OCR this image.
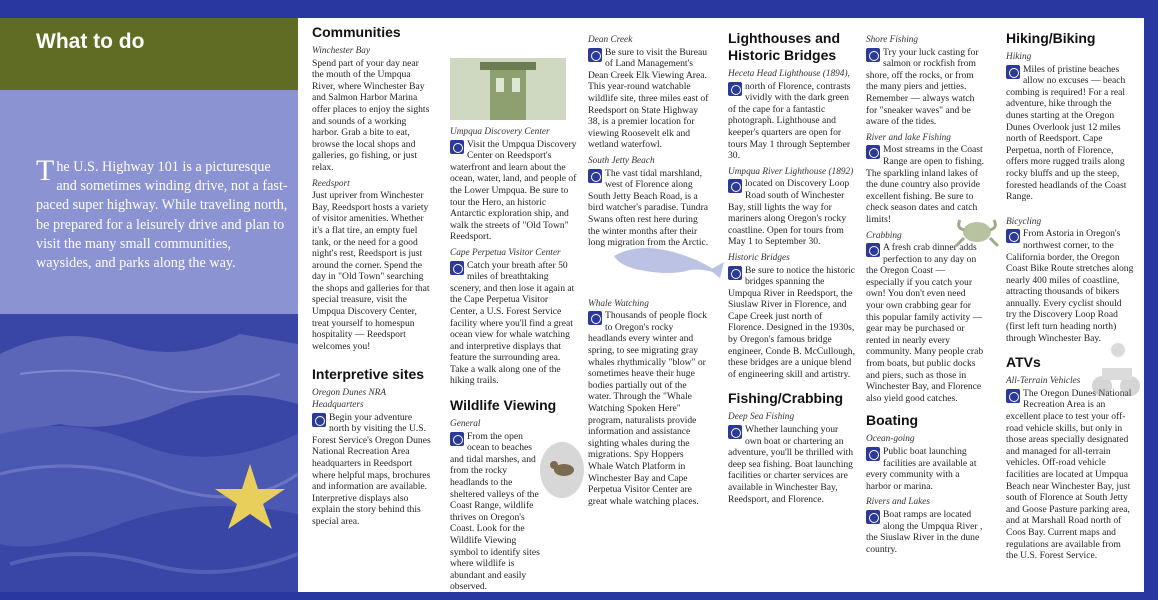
What to do
The U.S. Highway 101 is a picturesque and sometimes winding drive, not a fast-paced super highway. While traveling north, be prepared for a leisurely drive and plan to visit the many small communities, waysides, and parks along the way.
Communities
Winchester Bay
Spend part of your day near the mouth of the Umpqua River, where Winchester Bay and Salmon Harbor Marina offer places to enjoy the sights and sounds of a working harbor. Grab a bite to eat, browse the local shops and galleries, go fishing, or just relax.
Reedsport
Just upriver from Winchester Bay, Reedsport hosts a variety of visitor amenities. Whether it's a flat tire, an empty fuel tank, or the need for a good night's rest, Reedsport is just around the corner. Spend the day in "Old Town" searching the shops and galleries for that special treasure, visit the Umpqua Discovery Center, treat yourself to homespun hospitality — Reedsport welcomes you!
Interpretive sites
Oregon Dunes NRA Headquarters
Begin your adventure north by visiting the U.S. Forest Service's Oregon Dunes National Recreation Area headquarters in Reedsport where helpful maps, brochures and information are available. Interpretive displays also explain the story behind this special area.
Umpqua Discovery Center
Visit the Umpqua Discovery Center on Reedsport's waterfront and learn about the ocean, water, land, and people of the Lower Umpqua. Be sure to tour the Hero, an historic Antarctic exploration ship, and walk the streets of "Old Town" Reedsport.
Cape Perpetua Visitor Center
Catch your breath after 50 miles of breathtaking scenery, and then lose it again at the Cape Perpetua Visitor Center, a U.S. Forest Service facility where you'll find a great ocean view for whale watching and interpretive displays that feature the surrounding area. Take a walk along one of the hiking trails.
Wildlife Viewing
General
From the open ocean to beaches and tidal marshes, and from the rocky headlands to the sheltered valleys of the Coast Range, wildlife thrives on Oregon's Coast. Look for the Wildlife Viewing symbol to identify sites where wildlife is abundant and easily observed.
Dean Creek
Be sure to visit the Bureau of Land Management's Dean Creek Elk Viewing Area. This year-round watchable wildlife site, three miles east of Reedsport on State Highway 38, is a premier location for viewing Roosevelt elk and wetland waterfowl.
South Jetty Beach
The vast tidal marshland, west of Florence along South Jetty Beach Road, is a bird watcher's paradise. Tundra Swans often rest here during the winter months after their long migration from the Arctic.
Whale Watching
Thousands of people flock to Oregon's rocky headlands every winter and spring, to see migrating gray whales rhythmically "blow" or sometimes heave their huge bodies partially out of the water. Through the "Whale Watching Spoken Here" program, naturalists provide information and assistance sighting whales during the migrations. Spy Hoppers Whale Watch Platform in Winchester Bay and Cape Perpetua Visitor Center are great whale watching places.
Lighthouses and Historic Bridges
Heceta Head Lighthouse (1894),
north of Florence, contrasts vividly with the dark green of the cape for a fantastic photograph. Lighthouse and keeper's quarters are open for tours May 1 through September 30.
Umpqua River Lighthouse (1892)
located on Discovery Loop Road south of Winchester Bay, still lights the way for mariners along Oregon's rocky coastline. Open for tours from May 1 to September 30.
Historic Bridges
Be sure to notice the historic bridges spanning the Umpqua River in Reedsport, the Siuslaw River in Florence, and Cape Creek just north of Florence. Designed in the 1930s, by Oregon's famous bridge engineer, Conde B. McCullough, these bridges are a unique blend of engineering skill and artistry.
Fishing/Crabbing
Deep Sea Fishing
Whether launching your own boat or chartering an adventure, you'll be thrilled with deep sea fishing. Boat launching facilities or charter services are available in Winchester Bay, Reedsport, and Florence.
Shore Fishing
Try your luck casting for salmon or rockfish from shore, off the rocks, or from the many piers and jetties. Remember — always watch for "sneaker waves" and be aware of the tides.
River and lake Fishing
Most streams in the Coast Range are open to fishing. The sparkling inland lakes of the dune country also provide excellent fishing. Be sure to check season dates and catch limits!
Crabbing
A fresh crab dinner adds perfection to any day on the Oregon Coast — especially if you catch your own! You don't even need your own crabbing gear for this popular family activity — gear may be purchased or rented in nearly every community. Many people crab from boats, but public docks and piers, such as those in Winchester Bay, and Florence also yield good catches.
Boating
Ocean-going
Public boat launching facilities are available at every community with a harbor or marina.
Rivers and Lakes
Boat ramps are located along the Umpqua River , the Siuslaw River in the dune country.
Hiking/Biking
Hiking
Miles of pristine beaches allow no excuses — beach combing is required! For a real adventure, hike through the dunes starting at the Oregon Dunes Overlook just 12 miles north of Reedsport. Cape Perpetua, north of Florence, offers more rugged trails along rocky bluffs and up the steep, forested headlands of the Coast Range.
Bicycling
From Astoria in Oregon's northwest corner, to the California border, the Oregon Coast Bike Route stretches along nearly 400 miles of coastline, attracting thousands of bikers annually. Every cyclist should try the Discovery Loop Road (first left turn heading north) through Winchester Bay.
ATVs
All-Terrain Vehicles
The Oregon Dunes National Recreation Area is an excellent place to test your off-road vehicle skills, but only in those areas specially designated and managed for all-terrain vehicles. Off-road vehicle facilities are located at Umpqua Beach near Winchester Bay, just south of Florence at South Jetty and Goose Pasture parking area, and at Marshall Road north of Coos Bay. Current maps and regulations are available from the U.S. Forest Service.
